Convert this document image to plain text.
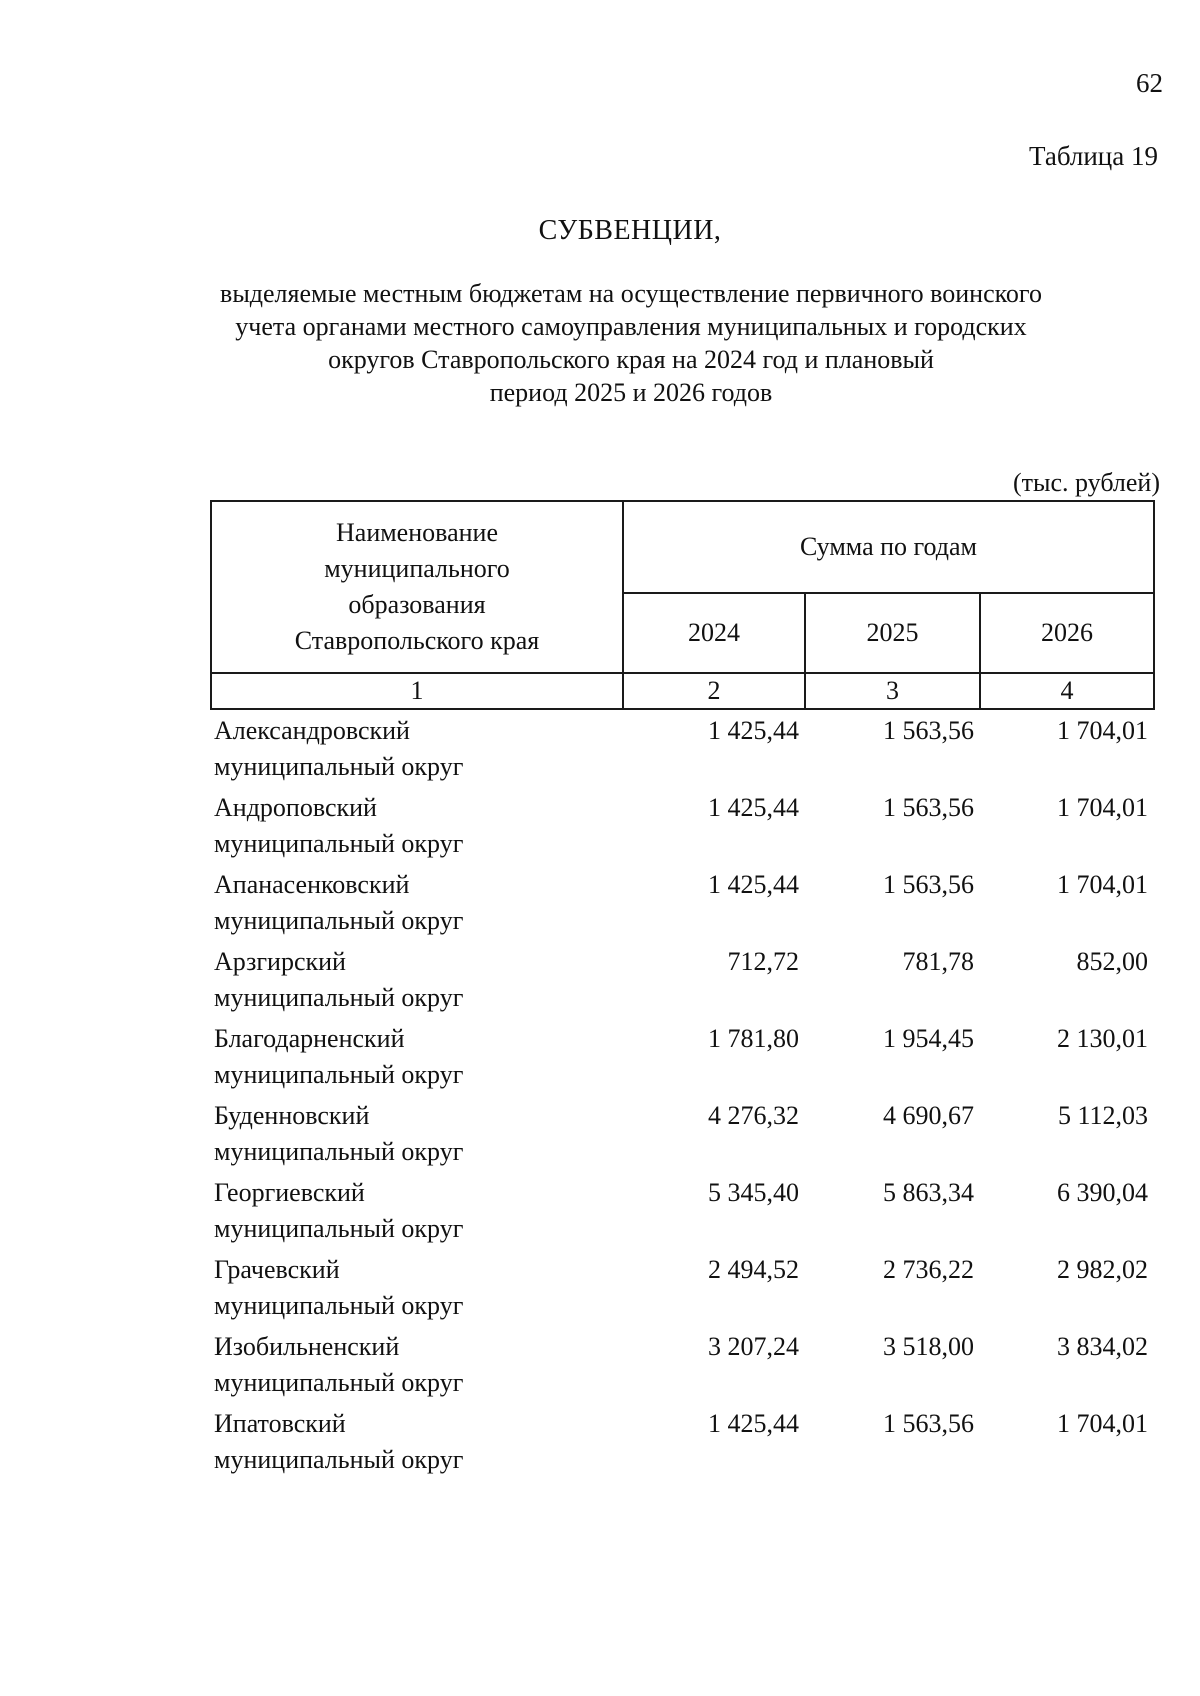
62
Таблица 19
СУБВЕНЦИИ,
выделяемые местным бюджетам на осуществление первичного воинского
учета органами местного самоуправления муниципальных и городских
округов Ставропольского края на 2024 год и плановый
период 2025 и 2026 годов
(тыс. рублей)
Наименование
муниципального
образования
Ставропольского края	Сумма по годам		
	2024	2025	2026
1	2	3	4

Александровский
муниципальный округ	1 425,44	1 563,56	1 704,01

Андроповский
муниципальный округ	1 425,44	1 563,56	1 704,01

Апанасенковский
муниципальный округ	1 425,44	1 563,56	1 704,01

Арзгирский
муниципальный округ	712,72	781,78	852,00

Благодарненский
муниципальный округ	1 781,80	1 954,45	2 130,01

Буденновский
муниципальный округ	4 276,32	4 690,67	5 112,03

Георгиевский
муниципальный округ	5 345,40	5 863,34	6 390,04

Грачевский
муниципальный округ	2 494,52	2 736,22	2 982,02

Изобильненский
муниципальный округ	3 207,24	3 518,00	3 834,02

Ипатовский
муниципальный округ	1 425,44	1 563,56	1 704,01
